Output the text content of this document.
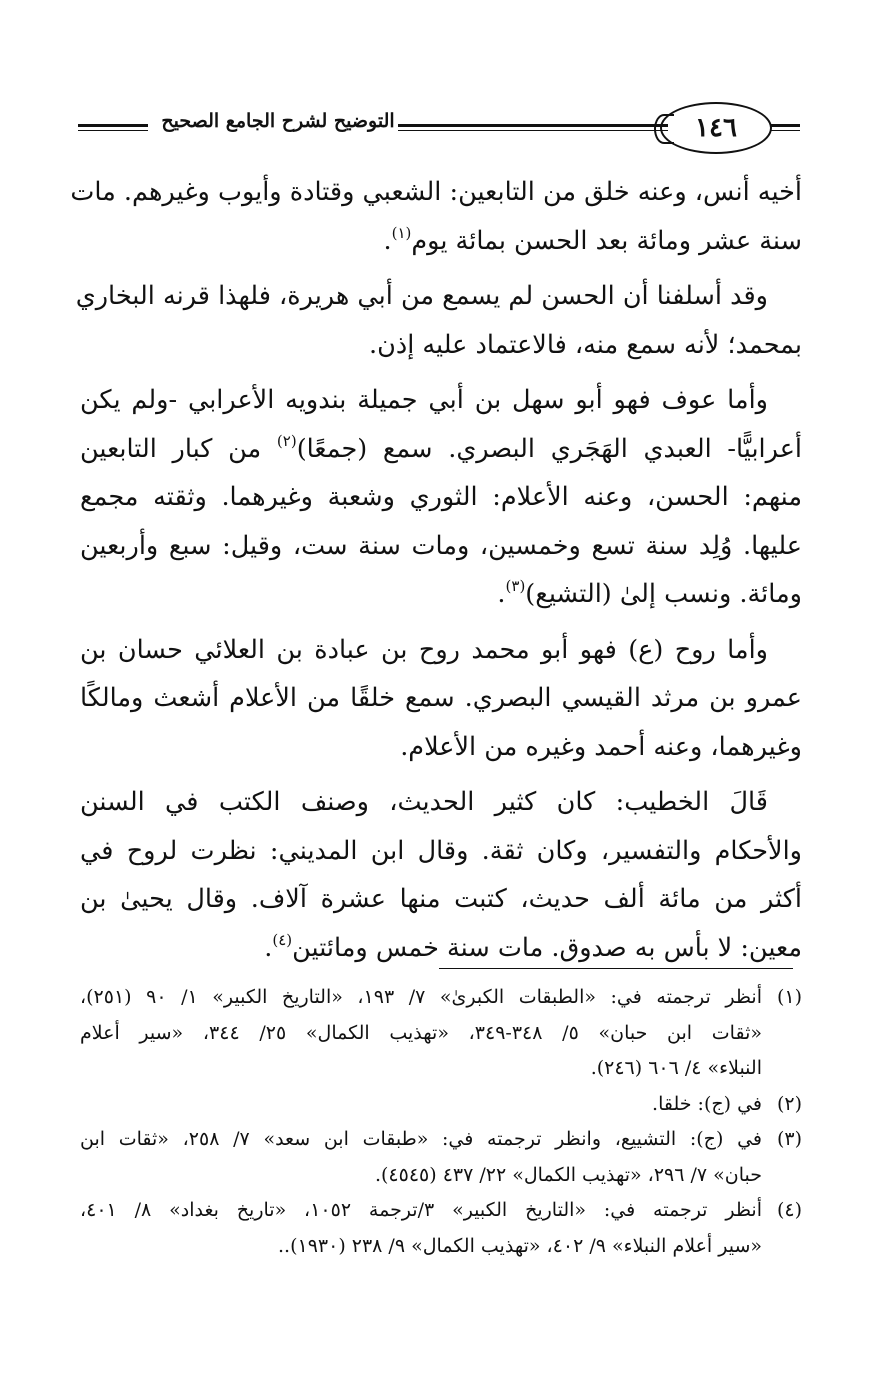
١٤٦
التوضيح لشرح الجامع الصحيح

أخيه أنس، وعنه خلق من التابعين: الشعبي وقتادة وأيوب وغيرهم. مات
سنة عشر ومائة بعد الحسن بمائة يوم$^{(١)}$.

وقد أسلفنا أن الحسن لم يسمع من أبي هريرة، فلهذا قرنه البخاري
بمحمد؛ لأنه سمع منه، فالاعتماد عليه إذن.

وأما عوف فهو أبو سهل بن أبي جميلة بندويه الأعرابي -ولم يكن
أعرابيًّا- العبدي الهَجَري البصري. سمع (جمعًا)$^{(٢)}$ من كبار التابعين
منهم: الحسن، وعنه الأعلام: الثوري وشعبة وغيرهما. وثقته مجمع
عليها. وُلِد سنة تسع وخمسين، ومات سنة ست، وقيل: سبع وأربعين
ومائة. ونسب إلىٰ (التشيع)$^{(٣)}$.

وأما روح (ع) فهو أبو محمد روح بن عبادة بن العلائي حسان بن
عمرو بن مرثد القيسي البصري. سمع خلقًا من الأعلام أشعث ومالكًا
وغيرهما، وعنه أحمد وغيره من الأعلام.

قَالَ الخطيب: كان كثير الحديث، وصنف الكتب في السنن
والأحكام والتفسير، وكان ثقة. وقال ابن المديني: نظرت لروح في
أكثر من مائة ألف حديث، كتبت منها عشرة آلاف. وقال يحيىٰ بن
معين: لا بأس به صدوق. مات سنة خمس ومائتين$^{(٤)}$.

(١)
أنظر ترجمته في: «الطبقات الكبرىٰ» ٧/ ١٩٣، «التاريخ الكبير» ١/ ٩٠ (٢٥١)،
«ثقات ابن حبان» ٥/ ٣٤٨-٣٤٩، «تهذيب الكمال» ٢٥/ ٣٤٤، «سير أعلام
النبلاء» ٤/ ٦٠٦ (٢٤٦).
(٢)
في (ج): خلقا.
(٣)
في (ج): التشييع، وانظر ترجمته في: «طبقات ابن سعد» ٧/ ٢٥٨، «ثقات ابن
حبان» ٧/ ٢٩٦، «تهذيب الكمال» ٢٢/ ٤٣٧ (٤٥٤٥).
(٤)
أنظر ترجمته في: «التاريخ الكبير» ٣/ترجمة ١٠٥٢، «تاريخ بغداد» ٨/ ٤٠١،
«سير أعلام النبلاء» ٩/ ٤٠٢، «تهذيب الكمال» ٩/ ٢٣٨ (١٩٣٠)..
